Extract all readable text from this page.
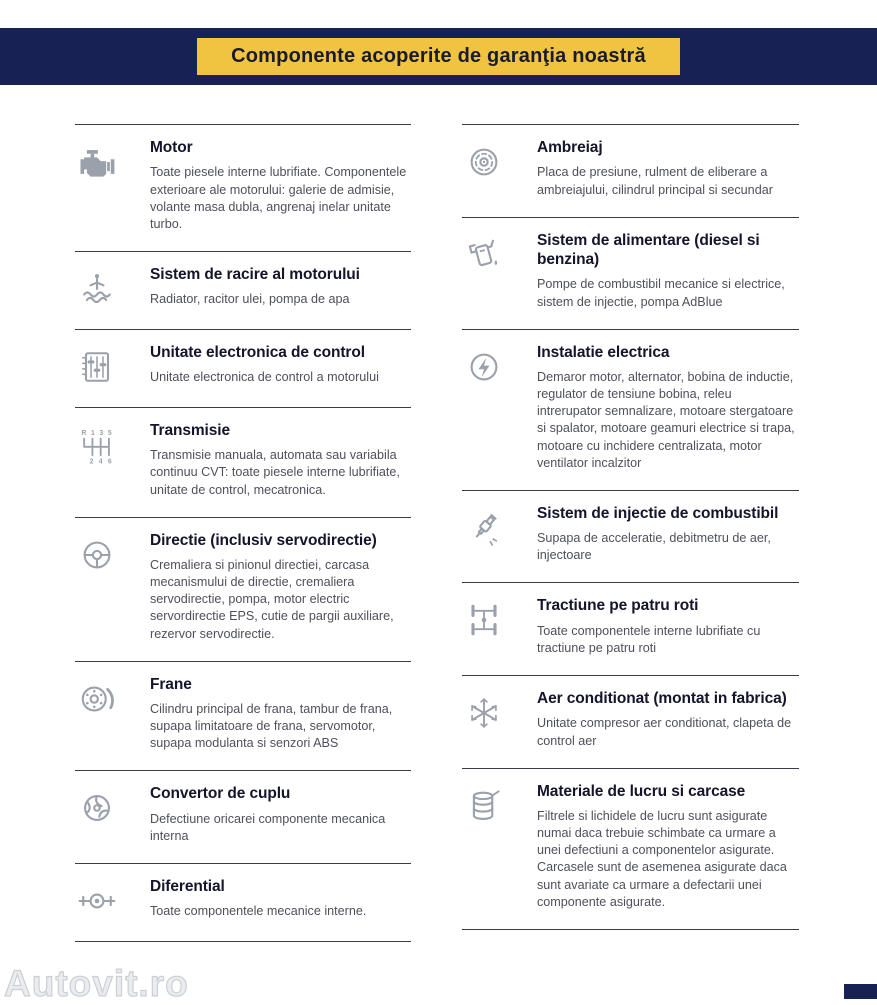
Componente acoperite de garanţia noastră
Motor

Toate piesele interne lubrifiate. Componentele exterioare ale motorului: galerie de admisie, volante masa dubla, angrenaj inelar unitate turbo.

Sistem de racire al motorului

Radiator, racitor ulei, pompa de apa

Unitate electronica de control

Unitate electronica de control a motorului

R 1 3 5
2 4 6
Transmisie

Transmisie manuala, automata sau variabila continuu CVT: toate piesele interne lubrifiate, unitate de control, mecatronica.

Directie (inclusiv servodirectie)

Cremaliera si pinionul directiei, carcasa mecanismului de directie, cremaliera servodirectie, pompa, motor electric servordirectie EPS, cutie de pargii auxiliare, rezervor servodirectie.

Frane

Cilindru principal de frana, tambur de frana, supapa limitatoare de frana, servomotor, supapa modulanta si senzori ABS

Convertor de cuplu

Defectiune oricarei componente mecanica interna

Diferential

Toate componentele mecanice interne.

Ambreiaj

Placa de presiune, rulment de eliberare a ambreiajului, cilindrul principal si secundar

Sistem de alimentare (diesel si benzina)

Pompe de combustibil mecanice si electrice, sistem de injectie, pompa AdBlue

Instalatie electrica

Demaror motor, alternator, bobina de inductie, regulator de tensiune bobina, releu intrerupator semnalizare, motoare stergatoare si spalator, motoare geamuri electrice si trapa, motoare cu inchidere centralizata, motor ventilator incalzitor

Sistem de injectie de combustibil

Supapa de acceleratie, debitmetru de aer, injectoare

Tractiune pe patru roti

Toate componentele interne lubrifiate cu tractiune pe patru roti

Aer conditionat (montat in fabrica)

Unitate compresor aer conditionat, clapeta de control aer

Materiale de lucru si carcase

Filtrele si lichidele de lucru sunt asigurate numai daca trebuie schimbate ca urmare a unei defectiuni a componentelor asigurate. Carcasele sunt de asemenea asigurate daca sunt avariate ca urmare a defectarii unei componente asigurate.

Autovit.ro
